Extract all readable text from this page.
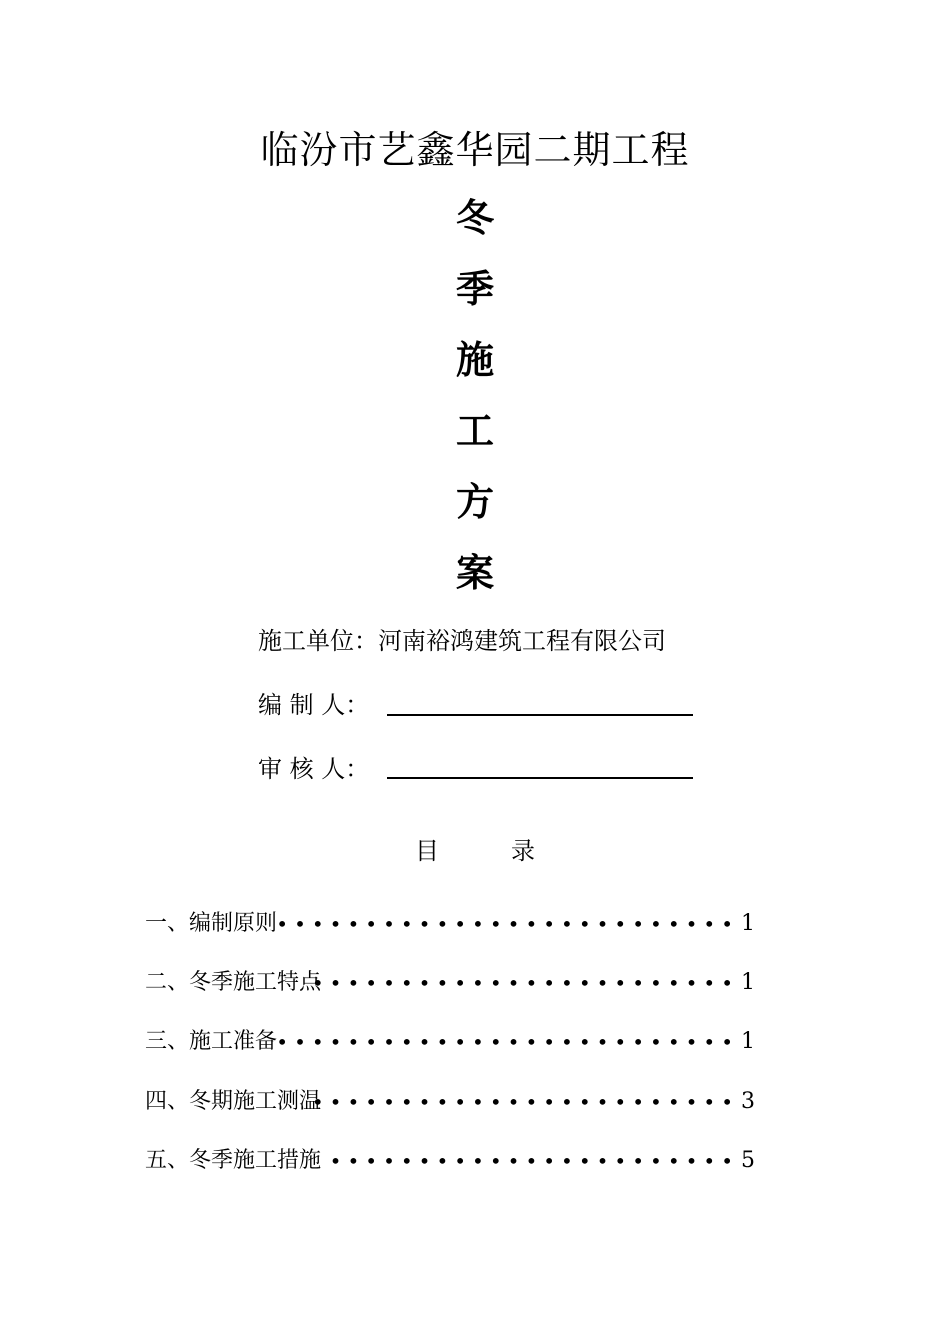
临汾市艺鑫华园二期工程
冬
季
施
工
方
案
施工单位：河南裕鸿建筑工程有限公司
编 制 人：
审 核 人：
目	录
一、编制原则 •••••••••••••••••••••••••• 1
二、冬季施工特点
•••••••••••••••••••••••• 1
三、施工准备 •••••••••••••••••••••••••• 1
四、冬期施工测温
•••••••••••••••••••••••• 3
五、冬季施工措施 ••••••••••••••••••••••• 5
